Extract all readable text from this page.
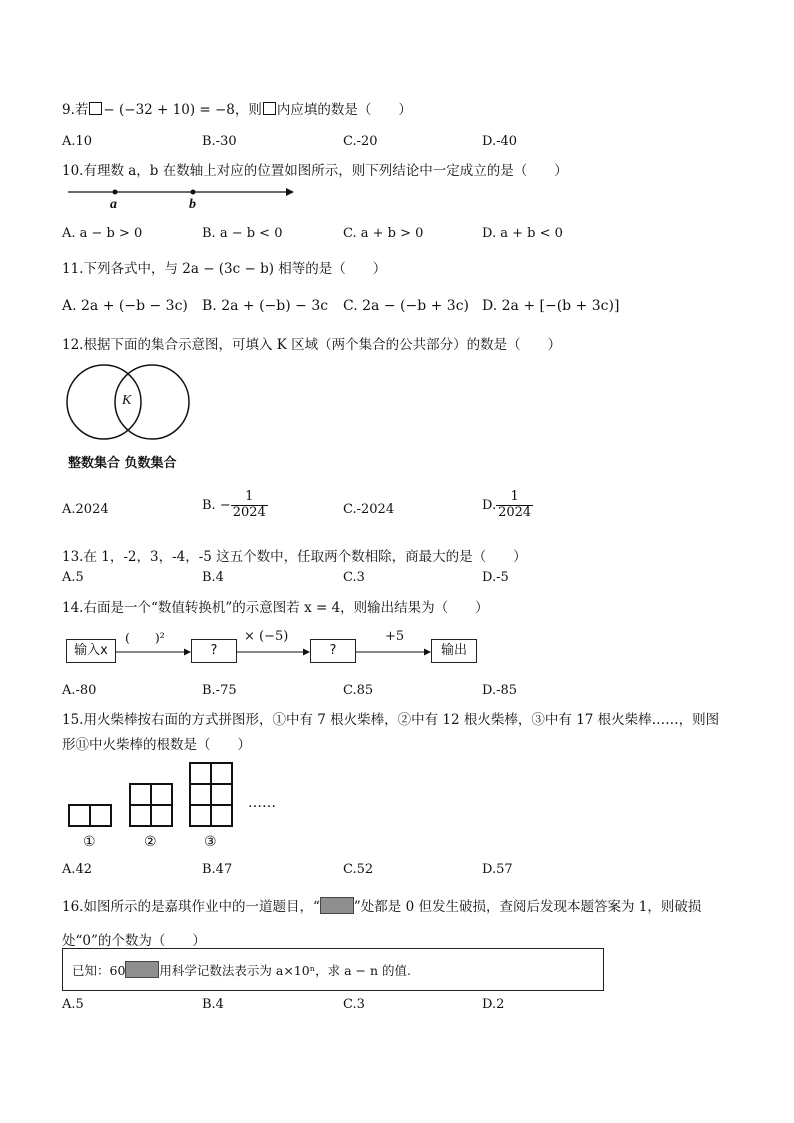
9.若 − (−32 + 10) = −8，则 内应填的数是（　　）
A.10	B.-30	C.-20	D.-40
10.有理数 a，b 在数轴上对应的位置如图所示，则下列结论中一定成立的是（　　）
a	b
A. a − b > 0	B. a − b < 0	C. a + b > 0	D. a + b < 0
11.下列各式中，与 2a − (3c − b) 相等的是（　　）
A. 2a + (−b − 3c) B. 2a + (−b) − 3c C. 2a − (−b + 3c) D. 2a + [−(b + 3c)]
12.根据下面的集合示意图，可填入 K 区域（两个集合的公共部分）的数是（　　）
K
整数集合 负数集合
A.2024	B. − $\frac{1}{2024}$	C.-2024	D. $\frac{1}{2024}$
13.在 1，-2，3，-4，-5 这五个数中，任取两个数相除，商最大的是（　　）
A.5	B.4	C.3	D.-5
14.右面是一个“数值转换机”的示意图若 x = 4，则输出结果为（　　）
输入x
(　　)²
?
× (−5)
?
+5
输出
A.-80	B.-75	C.85	D.-85
15.用火柴棒按右面的方式拼图形，①中有 7 根火柴棒，②中有 12 根火柴棒，③中有 17 根火柴棒……，则图
形⑪中火柴棒的根数是（　　）
……
①	②	③
A.42	B.47	C.52	D.57
16.如图所示的是嘉琪作业中的一道题目，“	”处都是 0 但发生破损，查阅后发现本题答案为 1，则破损
处“0”的个数为（　　）
已知：60	用科学记数法表示为 a×10ⁿ，求 a − n 的值.
A.5	B.4	C.3	D.2
